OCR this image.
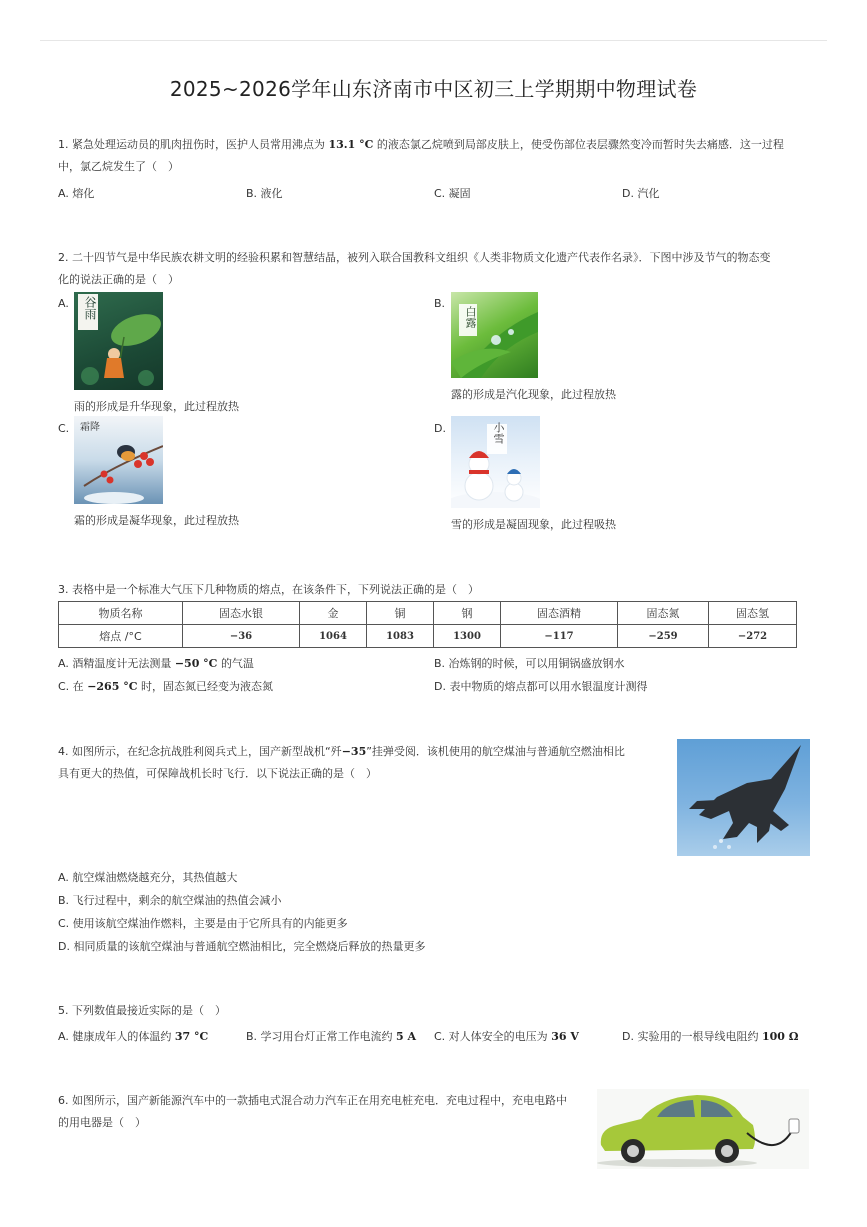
2025~2026学年山东济南市中区初三上学期期中物理试卷
1. 紧急处理运动员的肌肉扭伤时，医护人员常用沸点为 13.1 °C 的液态氯乙烷喷到局部皮肤上，使受伤部位表层骤然变冷而暂时失去痛感．这一过程
中，氯乙烷发生了（　）
A. 熔化	B. 液化	C. 凝固	D. 汽化
2. 二十四节气是中华民族农耕文明的经验积累和智慧结晶，被列入联合国教科文组织《人类非物质文化遗产代表作名录》．下图中涉及节气的物态变
化的说法正确的是（　）
A. 谷雨
雨的形成是升华现象，此过程放热
B.
白露
露的形成是汽化现象，此过程放热
C. 霜降
霜的形成是凝华现象，此过程放热
D.	小雪
雪的形成是凝固现象，此过程吸热
3. 表格中是一个标准大气压下几种物质的熔点，在该条件下，下列说法正确的是（　）
物质名称	固态水银	金	铜	钢	固态酒精	固态氮	固态氢
熔点 /°C	−36	1064	1083	1300	−117	−259	−272
A. 酒精温度计无法测量 −50 °C 的气温	B. 冶炼钢的时候，可以用铜锅盛放钢水
C. 在 −265 °C 时，固态氮已经变为液态氮	D. 表中物质的熔点都可以用水银温度计测得
4. 如图所示，在纪念抗战胜利阅兵式上，国产新型战机“歼−35”挂弹受阅．该机使用的航空煤油与普通航空燃油相比
具有更大的热值，可保障战机长时飞行．以下说法正确的是（　）
A. 航空煤油燃烧越充分，其热值越大
B. 飞行过程中，剩余的航空煤油的热值会减小
C. 使用该航空煤油作燃料，主要是由于它所具有的内能更多
D. 相同质量的该航空煤油与普通航空燃油相比，完全燃烧后释放的热量更多
5. 下列数值最接近实际的是（　）
A. 健康成年人的体温约 37 °C	B. 学习用台灯正常工作电流约 5 A C. 对人体安全的电压为 36 V	D. 实验用的一根导线电阻约 100 Ω
6. 如图所示，国产新能源汽车中的一款插电式混合动力汽车正在用充电桩充电．充电过程中，充电电路中
的用电器是（　）
